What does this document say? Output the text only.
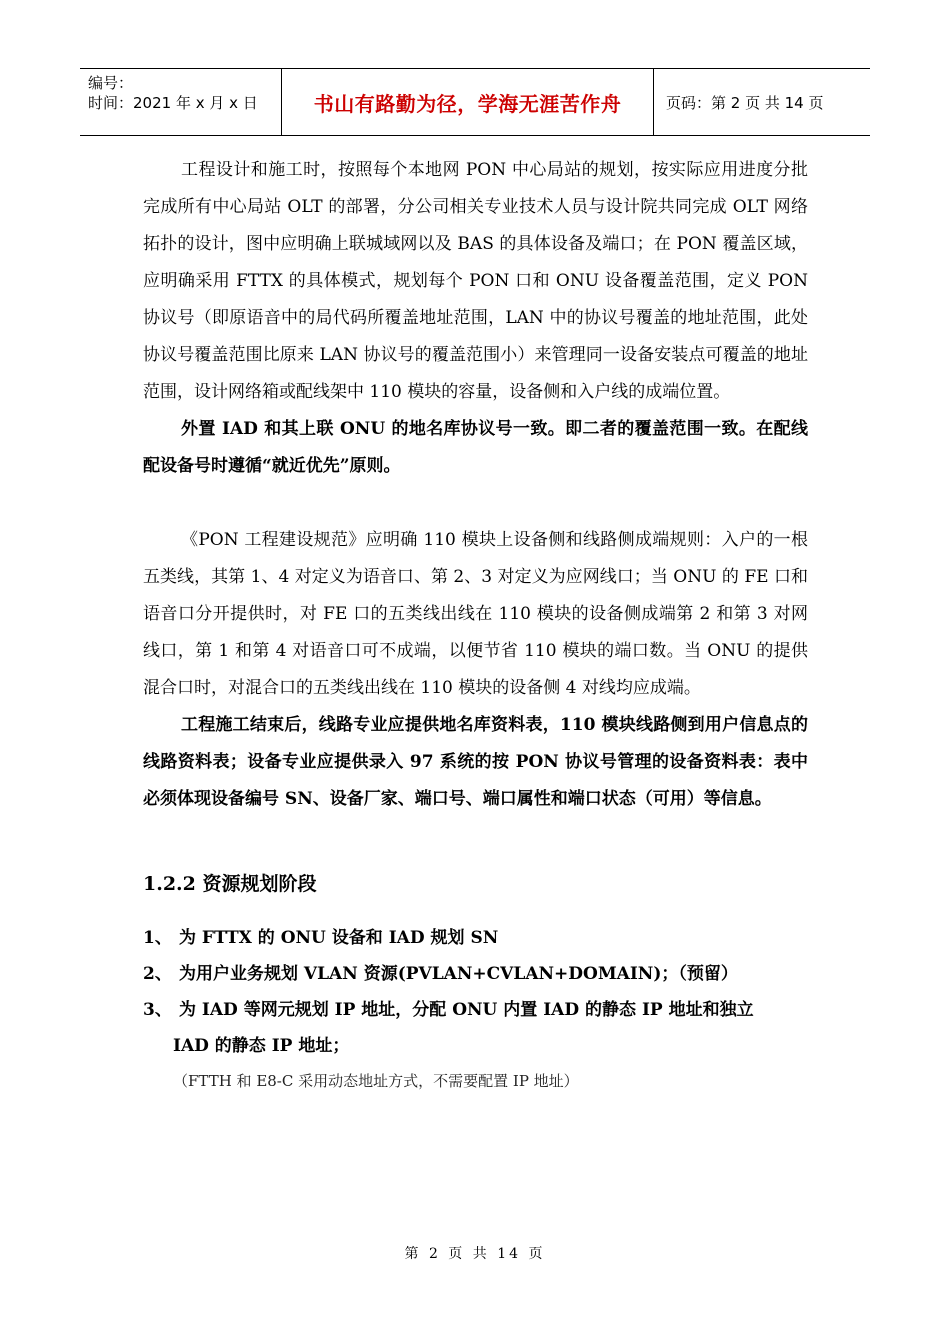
编号：
时间：2021 年 x 月 x 日	书山有路勤为径，学海无涯苦作舟	页码：第 2 页 共 14 页

工程设计和施工时，按照每个本地网 PON 中心局站的规划，按实际应用进度分批完成所有中心局站 OLT 的部署，分公司相关专业技术人员与设计院共同完成 OLT 网络拓扑的设计，图中应明确上联城域网以及 BAS 的具体设备及端口；在 PON 覆盖区域，应明确采用 FTTX 的具体模式，规划每个 PON 口和 ONU 设备覆盖范围，定义 PON 协议号（即原语音中的局代码所覆盖地址范围，LAN 中的协议号覆盖的地址范围，此处协议号覆盖范围比原来 LAN 协议号的覆盖范围小）来管理同一设备安装点可覆盖的地址范围，设计网络箱或配线架中 110 模块的容量，设备侧和入户线的成端位置。

外置 IAD 和其上联 ONU 的地名库协议号一致。即二者的覆盖范围一致。在配线配设备号时遵循“就近优先”原则。

《PON 工程建设规范》应明确 110 模块上设备侧和线路侧成端规则：入户的一根五类线，其第 1、4 对定义为语音口、第 2、3 对定义为应网线口；当 ONU 的 FE 口和语音口分开提供时，对 FE 口的五类线出线在 110 模块的设备侧成端第 2 和第 3 对网线口，第 1 和第 4 对语音口可不成端，以便节省 110 模块的端口数。当 ONU 的提供混合口时，对混合口的五类线出线在 110 模块的设备侧 4 对线均应成端。

工程施工结束后，线路专业应提供地名库资料表，110 模块线路侧到用户信息点的线路资料表；设备专业应提供录入 97 系统的按 PON 协议号管理的设备资料表：表中必须体现设备编号 SN、设备厂家、端口号、端口属性和端口状态（可用）等信息。

1.2.2 资源规划阶段
1、 为 FTTX 的 ONU 设备和 IAD 规划 SN
2、 为用户业务规划 VLAN 资源(PVLAN+CVLAN+DOMAIN)；（预留）
3、 为 IAD 等网元规划 IP 地址，分配 ONU 内置 IAD 的静态 IP 地址和独立
IAD 的静态 IP 地址；
（FTTH 和 E8-C 采用动态地址方式，不需要配置 IP 地址）
第 2 页 共 14 页
